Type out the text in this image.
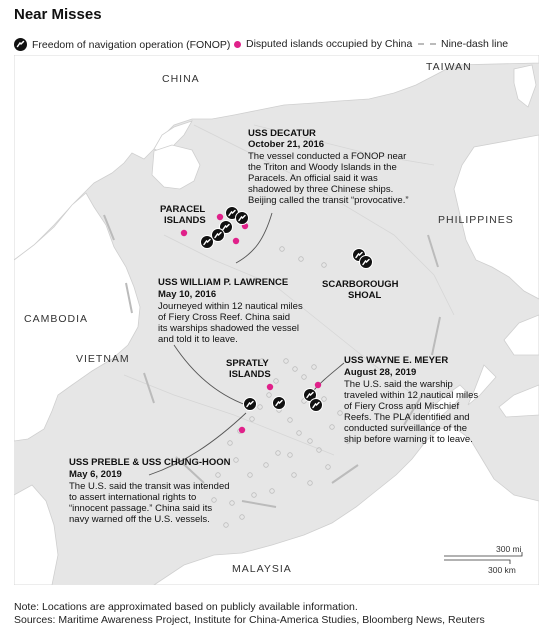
Near Misses
Freedom of navigation operation (FONOP) Disputed islands occupied by China	Nine-dash line
CHINA
TAIWAN
PHILIPPINES
CAMBODIA
VIETNAM
MALAYSIA
PARACEL
ISLANDS
SPRATLY
ISLANDS
SCARBOROUGH
SHOAL
USS DECATUR
October 21, 2016
The vessel conducted a FONOP near
the Triton and Woody Islands in the
Paracels. An official said it was
shadowed by three Chinese ships.
Beijing called the transit “provocative.”
USS WILLIAM P. LAWRENCE
May 10, 2016
Journeyed within 12 nautical miles
of Fiery Cross Reef. China said
its warships shadowed the vessel
and told it to leave.
USS WAYNE E. MEYER
August 28, 2019
The U.S. said the warship
traveled within 12 nautical miles
of Fiery Cross and Mischief
Reefs. The PLA identified and
conducted surveillance of the
ship before warning it to leave.
USS PREBLE & USS CHUNG-HOON
May 6, 2019
The U.S. said the transit was intended
to assert international rights to
“innocent passage.” China said its
navy warned off the U.S. vessels.
300 mi
300 km
Note: Locations are approximated based on publicly available information.
Sources: Maritime Awareness Project, Institute for China-America Studies, Bloomberg News, Reuters
